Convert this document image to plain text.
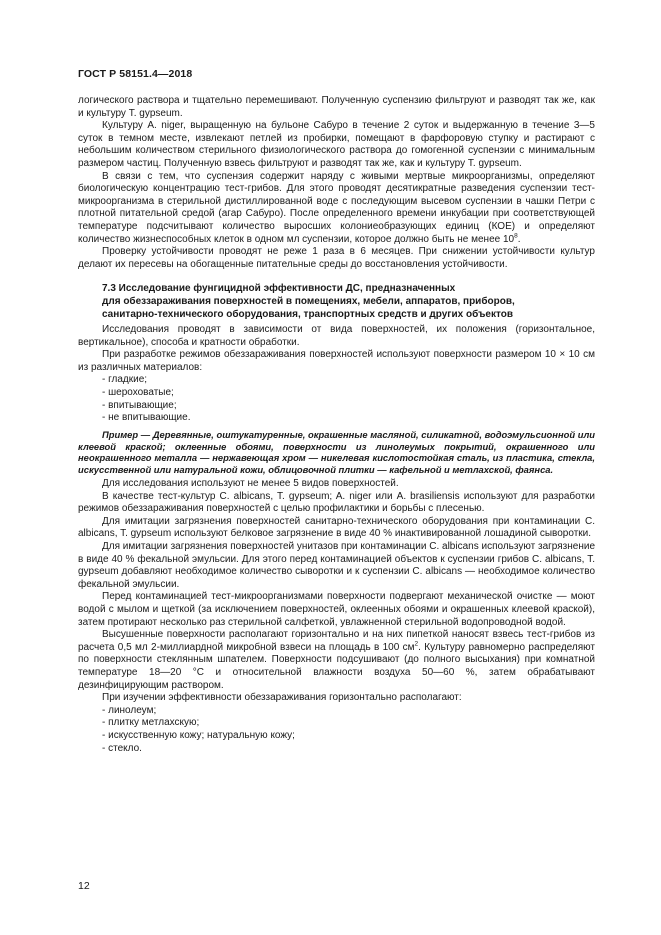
ГОСТ Р 58151.4—2018

логического раствора и тщательно перемешивают. Полученную суспензию фильтруют и разводят так же, как и культуру T. gypseum.

Культуру A. niger, выращенную на бульоне Сабуро в течение 2 суток и выдержанную в течение 3—5 суток в темном месте, извлекают петлей из пробирки, помещают в фарфоровую ступку и растирают с небольшим количеством стерильного физиологического раствора до гомогенной суспензии с минимальным размером частиц. Полученную взвесь фильтруют и разводят так же, как и культуру T. gypseum.

В связи с тем, что суспензия содержит наряду с живыми мертвые микроорганизмы, определяют биологическую концентрацию тест-грибов. Для этого проводят десятикратные разведения суспензии тест-микроорганизма в стерильной дистиллированной воде с последующим высевом суспензии в чашки Петри с плотной питательной средой (агар Сабуро). После определенного времени инкубации при соответствующей температуре подсчитывают количество выросших колониеобразующих единиц (КОЕ) и определяют количество жизнеспособных клеток в одном мл суспензии, которое должно быть не менее $10^8$.

Проверку устойчивости проводят не реже 1 раза в 6 месяцев. При снижении устойчивости культур делают их пересевы на обогащенные питательные среды до восстановления устойчивости.

7.3 Исследование фунгицидной эффективности ДС, предназначенных
для обеззараживания поверхностей в помещениях, мебели, аппаратов, приборов,
санитарно-технического оборудования, транспортных средств и других объектов

Исследования проводят в зависимости от вида поверхностей, их положения (горизонтальное, вертикальное), способа и кратности обработки.

При разработке режимов обеззараживания поверхностей используют поверхности размером 10 × 10 см из различных материалов:

- гладкие;
- шероховатые;
- впитывающие;
- не впитывающие.

Пример — Деревянные, оштукатуренные, окрашенные масляной, силикатной, водоэмульсионной или клеевой краской; оклеенные обоями, поверхности из линолеумых покрытий, окрашенного или неокрашенного металла — нержавеющая хром — никелевая кислотостойкая сталь, из пластика, стекла, искусственной или натуральной кожи, облицовочной плитки — кафельной и метлахской, фаянса.

Для исследования используют не менее 5 видов поверхностей.

В качестве тест-культур C. albicans, T. gypseum; A. niger или A. brasiliensis используют для разработки режимов обеззараживания поверхностей с целью профилактики и борьбы с плесенью.

Для имитации загрязнения поверхностей санитарно-технического оборудования при контаминации C. albicans, T. gypseum используют белковое загрязнение в виде 40 % инактивированной лошадиной сыворотки.

Для имитации загрязнения поверхностей унитазов при контаминации C. albicans используют загрязнение в виде 40 % фекальной эмульсии. Для этого перед контаминацией объектов к суспензии грибов C. albicans, T. gypseum добавляют необходимое количество сыворотки и к суспензии C. albicans — необходимое количество фекальной эмульсии.

Перед контаминацией тест-микроорганизмами поверхности подвергают механической очистке — моют водой с мылом и щеткой (за исключением поверхностей, оклеенных обоями и окрашенных клеевой краской), затем протирают несколько раз стерильной салфеткой, увлажненной стерильной водопроводной водой.

Высушенные поверхности располагают горизонтально и на них пипеткой наносят взвесь тест-грибов из расчета 0,5 мл 2-миллиардной микробной взвеси на площадь в 100 $см^2$. Культуру равномерно распределяют по поверхности стеклянным шпателем. Поверхности подсушивают (до полного высыхания) при комнатной температуре 18—20 °С и относительной влажности воздуха 50—60 %, затем обрабатывают дезинфицирующим раствором.

При изучении эффективности обеззараживания горизонтально располагают:

- линолеум;
- плитку метлахскую;
- искусственную кожу; натуральную кожу;
- стекло.
12
